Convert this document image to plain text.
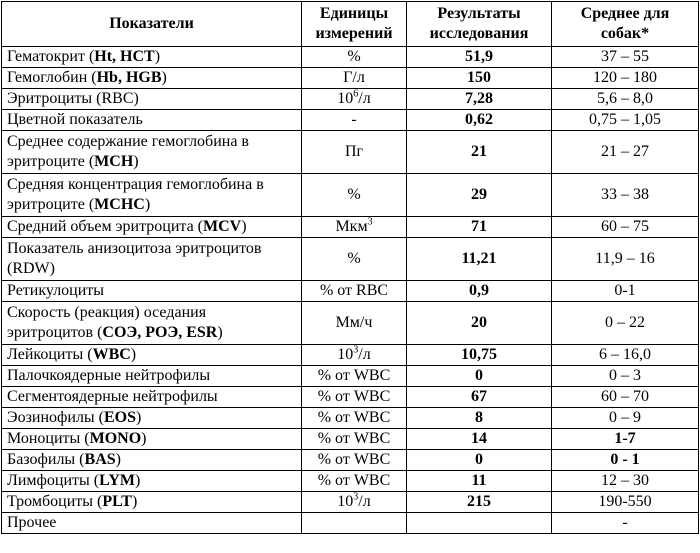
Показатели	Единицы измерений	Результаты исследования	Среднее для собак*
Гематокрит (Ht, HCT)	%	51,9	37 – 55
Гемоглобин (Hb, HGB)	Г/л	150	120 – 180
Эритроциты (RBC)	$10^6/л$	7,28	5,6 – 8,0
Цветной показатель	-	0,62	0,75 – 1,05
Среднее содержание гемоглобина в эритроците (MCH)	Пг	21	21 – 27
Средняя концентрация гемоглобина в эритроците (MCHC)	%	29	33 – 38
Средний объем эритроцита (MCV)	Мкм$^3$	71	60 – 75
Показатель анизоцитоза эритроцитов (RDW)	%	11,21	11,9 – 16
Ретикулоциты	% от RBC	0,9	0-1
Скорость (реакция) оседания эритроцитов (СОЭ, РОЭ, ESR)	Мм/ч	20	0 – 22
Лейкоциты (WBC)	$10^3/л$	10,75	6 – 16,0
Палочкоядерные нейтрофилы	% от WBC	0	0 – 3
Сегментоядерные нейтрофилы	% от WBC	67	60 – 70
Эозинофилы (EOS)	% от WBC	8	0 – 9
Моноциты (MONO)	% от WBC	14	1-7
Базофилы (BAS)	% от WBC	0	0 - 1
Лимфоциты (LYM)	% от WBC	11	12 – 30
Тромбоциты (PLT)	$10^3/л$	215	190-550
Прочее			-
